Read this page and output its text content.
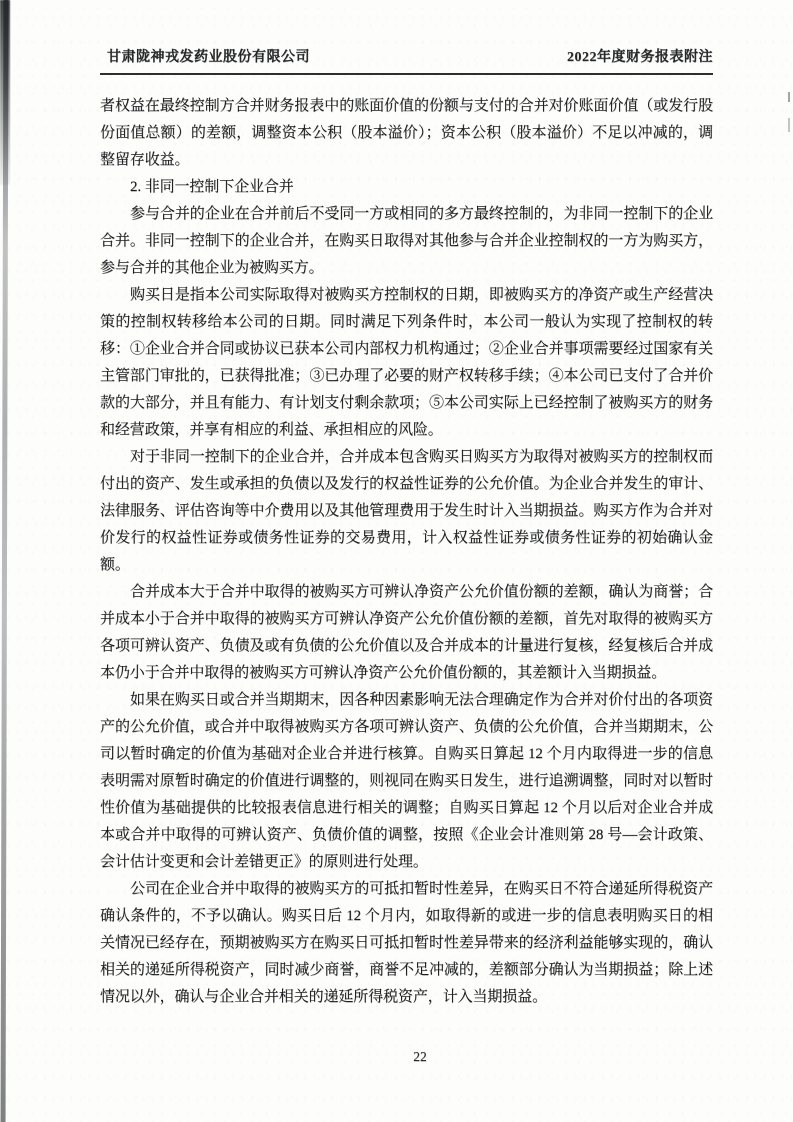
甘肃陇神戎发药业股份有限公司	2022年度财务报表附注

者权益在最终控制方合并财务报表中的账面价值的份额与支付的合并对价账面价值（或发行股份面值总额）的差额，调整资本公积（股本溢价）；资本公积（股本溢价）不足以冲减的，调整留存收益。

2. 非同一控制下企业合并

参与合并的企业在合并前后不受同一方或相同的多方最终控制的，为非同一控制下的企业合并。非同一控制下的企业合并，在购买日取得对其他参与合并企业控制权的一方为购买方，参与合并的其他企业为被购买方。

购买日是指本公司实际取得对被购买方控制权的日期，即被购买方的净资产或生产经营决策的控制权转移给本公司的日期。同时满足下列条件时，本公司一般认为实现了控制权的转移：①企业合并合同或协议已获本公司内部权力机构通过；②企业合并事项需要经过国家有关主管部门审批的，已获得批准；③已办理了必要的财产权转移手续；④本公司已支付了合并价款的大部分，并且有能力、有计划支付剩余款项；⑤本公司实际上已经控制了被购买方的财务和经营政策，并享有相应的利益、承担相应的风险。

对于非同一控制下的企业合并，合并成本包含购买日购买方为取得对被购买方的控制权而付出的资产、发生或承担的负债以及发行的权益性证券的公允价值。为企业合并发生的审计、法律服务、评估咨询等中介费用以及其他管理费用于发生时计入当期损益。购买方作为合并对价发行的权益性证券或债务性证券的交易费用，计入权益性证券或债务性证券的初始确认金额。

合并成本大于合并中取得的被购买方可辨认净资产公允价值份额的差额，确认为商誉；合并成本小于合并中取得的被购买方可辨认净资产公允价值份额的差额，首先对取得的被购买方各项可辨认资产、负债及或有负债的公允价值以及合并成本的计量进行复核，经复核后合并成本仍小于合并中取得的被购买方可辨认净资产公允价值份额的，其差额计入当期损益。

如果在购买日或合并当期期末，因各种因素影响无法合理确定作为合并对价付出的各项资产的公允价值，或合并中取得被购买方各项可辨认资产、负债的公允价值，合并当期期末，公司以暂时确定的价值为基础对企业合并进行核算。自购买日算起 12 个月内取得进一步的信息表明需对原暂时确定的价值进行调整的，则视同在购买日发生，进行追溯调整，同时对以暂时性价值为基础提供的比较报表信息进行相关的调整；自购买日算起 12 个月以后对企业合并成本或合并中取得的可辨认资产、负债价值的调整，按照《企业会计准则第 28 号—会计政策、会计估计变更和会计差错更正》的原则进行处理。

公司在企业合并中取得的被购买方的可抵扣暂时性差异，在购买日不符合递延所得税资产确认条件的，不予以确认。购买日后 12 个月内，如取得新的或进一步的信息表明购买日的相关情况已经存在，预期被购买方在购买日可抵扣暂时性差异带来的经济利益能够实现的，确认相关的递延所得税资产，同时减少商誉，商誉不足冲减的，差额部分确认为当期损益；除上述情况以外，确认与企业合并相关的递延所得税资产，计入当期损益。

22
